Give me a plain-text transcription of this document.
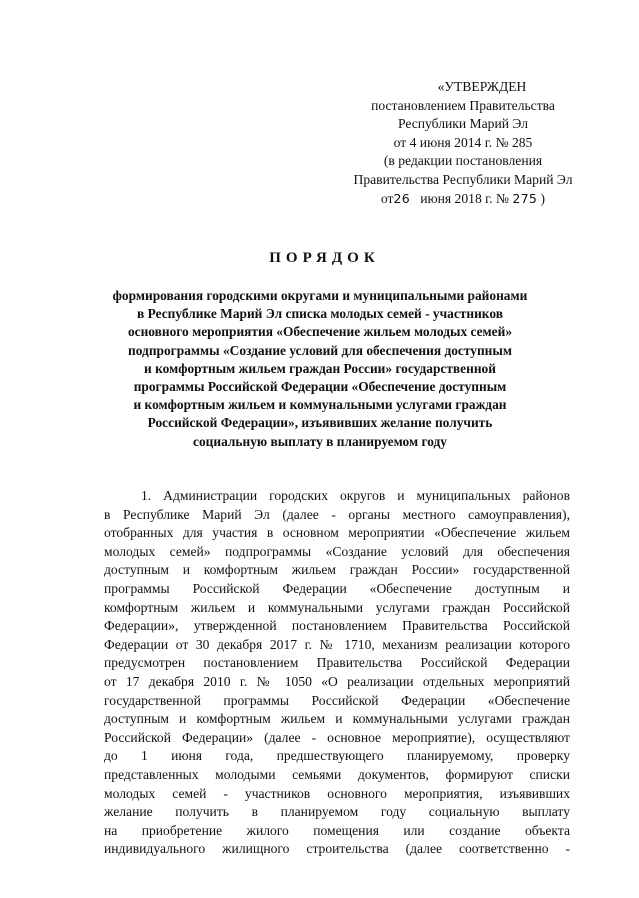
«УТВЕРЖДЕН
постановлением Правительства
Республики Марий Эл
от 4 июня 2014 г. № 285
(в редакции постановления
Правительства Республики Марий Эл
от26 июня 2018 г. № 275 )
ПОРЯДОК
формирования городскими округами и муниципальными районами
в Республике Марий Эл списка молодых семей - участников
основного мероприятия «Обеспечение жильем молодых семей»
подпрограммы «Создание условий для обеспечения доступным
и комфортным жильем граждан России» государственной
программы Российской Федерации «Обеспечение доступным
и комфортным жильем и коммунальными услугами граждан
Российской Федерации», изъявивших желание получить
социальную выплату в планируемом году
1. Администрации городских округов и муниципальных районов
в Республике Марий Эл (далее - органы местного самоуправления),
отобранных для участия в основном мероприятии «Обеспечение жильем
молодых семей» подпрограммы «Создание условий для обеспечения
доступным и комфортным жильем граждан России» государственной
программы Российской Федерации «Обеспечение доступным и
комфортным жильем и коммунальными услугами граждан Российской
Федерации», утвержденной постановлением Правительства Российской
Федерации от 30 декабря 2017 г. № 1710, механизм реализации которого
предусмотрен постановлением Правительства Российской Федерации
от 17 декабря 2010 г. № 1050 «О реализации отдельных мероприятий
государственной программы Российской Федерации «Обеспечение
доступным и комфортным жильем и коммунальными услугами граждан
Российской Федерации» (далее - основное мероприятие), осуществляют
до 1 июня года, предшествующего планируемому, проверку
представленных молодыми семьями документов, формируют списки
молодых семей - участников основного мероприятия, изъявивших
желание получить в планируемом году социальную выплату
на приобретение жилого помещения или создание объекта
индивидуального жилищного строительства (далее соответственно -
